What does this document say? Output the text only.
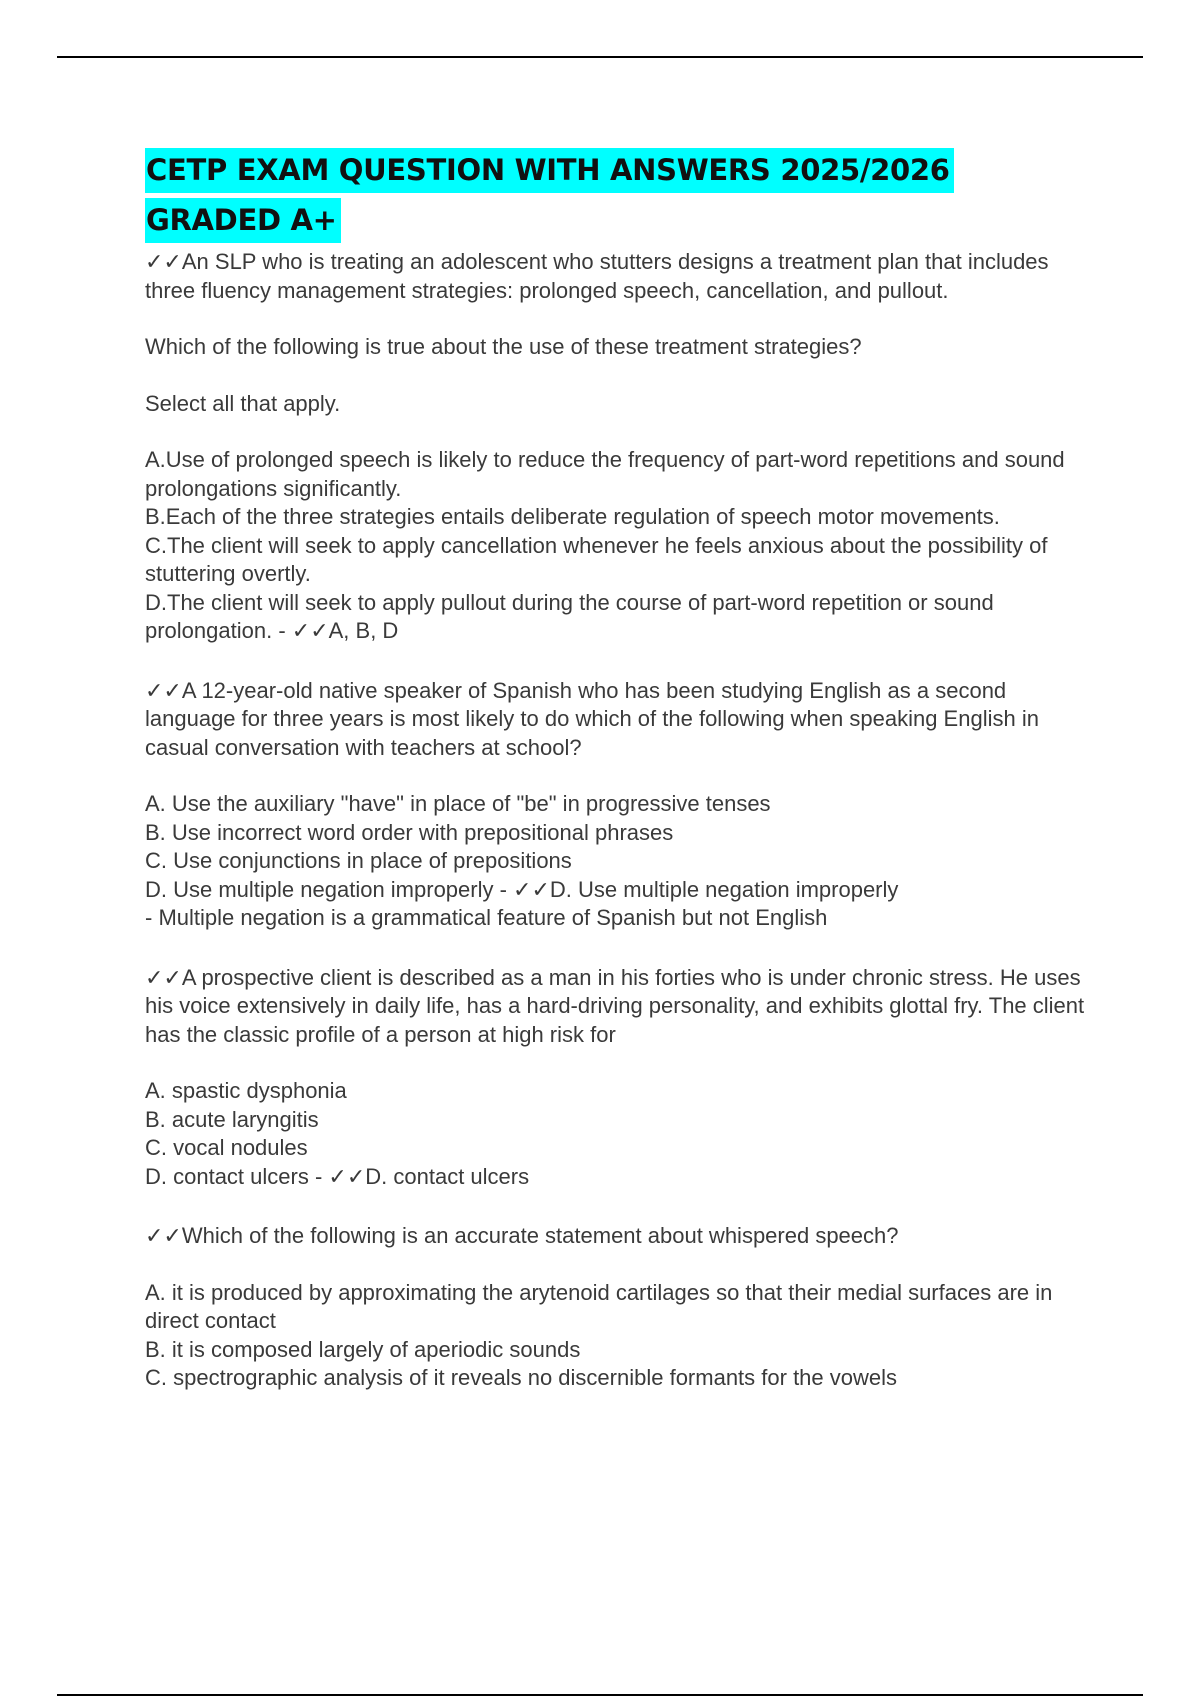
CETP EXAM QUESTION WITH ANSWERS 2025/2026

GRADED A+

✓✓An SLP who is treating an adolescent who stutters designs a treatment plan that includes three fluency management strategies: prolonged speech, cancellation, and pullout.

Which of the following is true about the use of these treatment strategies?

Select all that apply.

A.Use of prolonged speech is likely to reduce the frequency of part-word repetitions and sound prolongations significantly.

B.Each of the three strategies entails deliberate regulation of speech motor movements.

C.The client will seek to apply cancellation whenever he feels anxious about the possibility of stuttering overtly.

D.The client will seek to apply pullout during the course of part-word repetition or sound prolongation. - ✓✓A, B, D

✓✓A 12-year-old native speaker of Spanish who has been studying English as a second language for three years is most likely to do which of the following when speaking English in casual conversation with teachers at school?

A. Use the auxiliary "have" in place of "be" in progressive tenses

B. Use incorrect word order with prepositional phrases

C. Use conjunctions in place of prepositions

D. Use multiple negation improperly - ✓✓D. Use multiple negation improperly

- Multiple negation is a grammatical feature of Spanish but not English

✓✓A prospective client is described as a man in his forties who is under chronic stress. He uses his voice extensively in daily life, has a hard-driving personality, and exhibits glottal fry. The client has the classic profile of a person at high risk for

A. spastic dysphonia

B. acute laryngitis

C. vocal nodules

D. contact ulcers - ✓✓D. contact ulcers

✓✓Which of the following is an accurate statement about whispered speech?

A. it is produced by approximating the arytenoid cartilages so that their medial surfaces are in direct contact

B. it is composed largely of aperiodic sounds

C. spectrographic analysis of it reveals no discernible formants for the vowels
